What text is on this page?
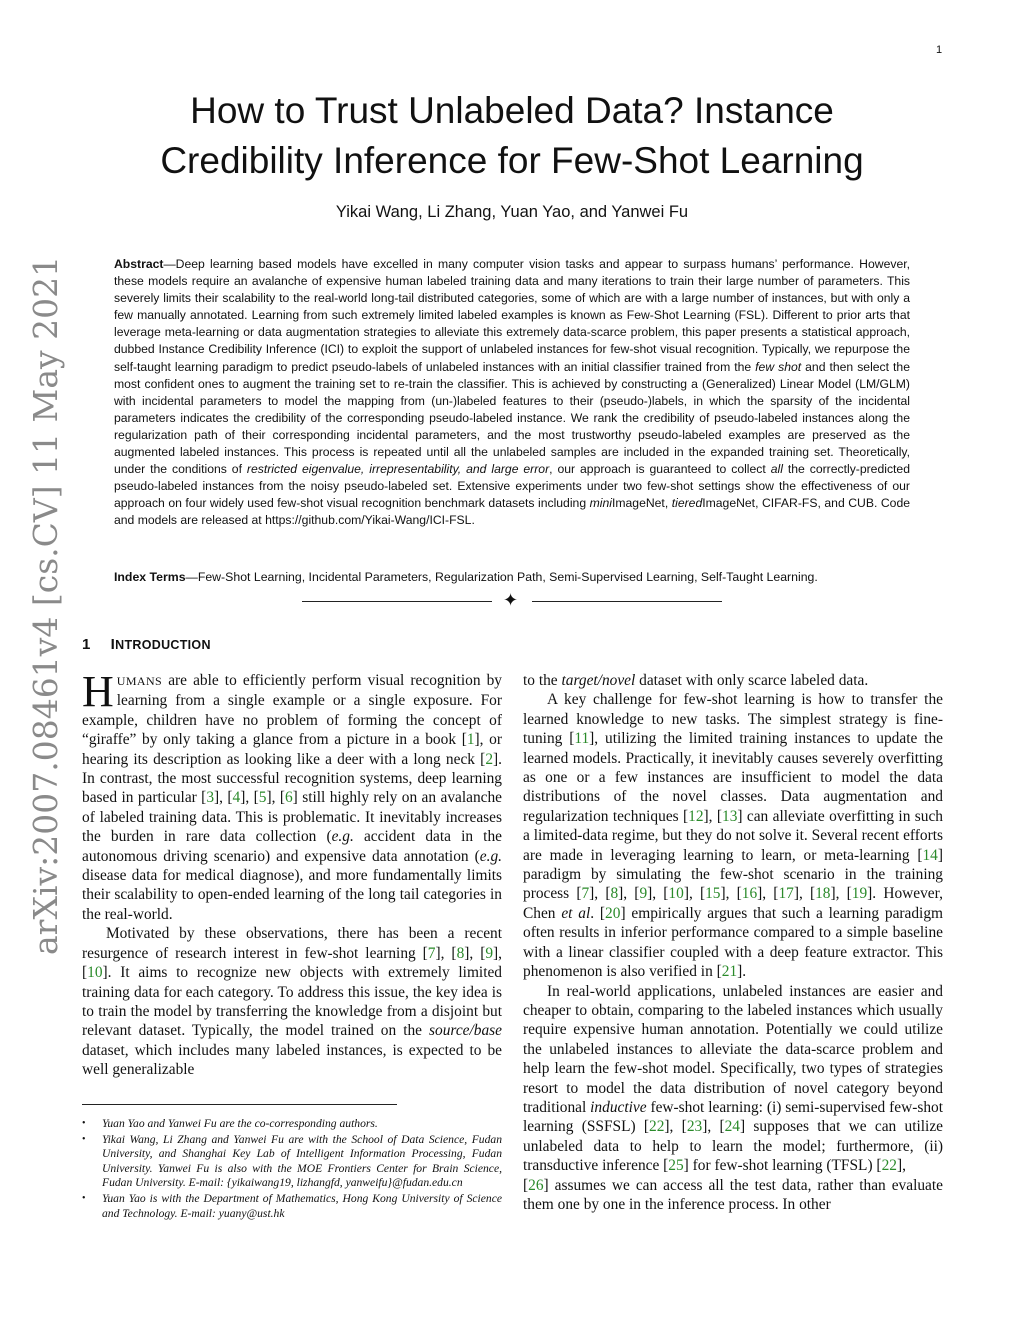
1
arXiv:2007.08461v4 [cs.CV] 11 May 2021
How to Trust Unlabeled Data? Instance
Credibility Inference for Few-Shot Learning
Yikai Wang, Li Zhang, Yuan Yao, and Yanwei Fu

Abstract—Deep learning based models have excelled in many computer vision tasks and appear to surpass humans’ performance. However, these models require an avalanche of expensive human labeled training data and many iterations to train their large number of parameters. This severely limits their scalability to the real-world long-tail distributed categories, some of which are with a large number of instances, but with only a few manually annotated. Learning from such extremely limited labeled examples is known as Few-Shot Learning (FSL). Different to prior arts that leverage meta-learning or data augmentation strategies to alleviate this extremely data-scarce problem, this paper presents a statistical approach, dubbed Instance Credibility Inference (ICI) to exploit the support of unlabeled instances for few-shot visual recognition. Typically, we repurpose the self-taught learning paradigm to predict pseudo-labels of unlabeled instances with an initial classifier trained from the few shot and then select the most confident ones to augment the training set to re-train the classifier. This is achieved by constructing a (Generalized) Linear Model (LM/GLM) with incidental parameters to model the mapping from (un-)labeled features to their (pseudo-)labels, in which the sparsity of the incidental parameters indicates the credibility of the corresponding pseudo-labeled instance. We rank the credibility of pseudo-labeled instances along the regularization path of their corresponding incidental parameters, and the most trustworthy pseudo-labeled examples are preserved as the augmented labeled instances. This process is repeated until all the unlabeled samples are included in the expanded training set. Theoretically, under the conditions of restricted eigenvalue, irrepresentability, and large error, our approach is guaranteed to collect all the correctly-predicted pseudo-labeled instances from the noisy pseudo-labeled set. Extensive experiments under two few-shot settings show the effectiveness of our approach on four widely used few-shot visual recognition benchmark datasets including miniImageNet, tieredImageNet, CIFAR-FS, and CUB. Code and models are released at https://github.com/Yikai-Wang/ICI-FSL.

Index Terms—Few-Shot Learning, Incidental Parameters, Regularization Path, Semi-Supervised Learning, Self-Taught Learning.

✦
1 INTRODUCTION

HUMANS are able to efficiently perform visual recognition by learning from a single example or a single exposure. For example, children have no problem of forming the concept of “giraffe” by only taking a glance from a picture in a book [1], or hearing its description as looking like a deer with a long neck [2]. In contrast, the most successful recognition systems, deep learning based in particular [3], [4], [5], [6] still highly rely on an avalanche of labeled training data. This is problematic. It inevitably increases the burden in rare data collection (e.g. accident data in the autonomous driving scenario) and expensive data annotation (e.g. disease data for medical diagnose), and more fundamentally limits their scalability to open-ended learning of the long tail categories in the real-world.

Motivated by these observations, there has been a recent resurgence of research interest in few-shot learning [7], [8], [9], [10]. It aims to recognize new objects with extremely limited training data for each category. To address this issue, the key idea is to train the model by transferring the knowledge from a disjoint but relevant dataset. Typically, the model trained on the source/base dataset, which includes many labeled instances, is expected to be well generalizable

• Yuan Yao and Yanwei Fu are the co-corresponding authors.
• Yikai Wang, Li Zhang and Yanwei Fu are with the School of Data Science, Fudan University, and Shanghai Key Lab of Intelligent Information Processing, Fudan University. Yanwei Fu is also with the MOE Frontiers Center for Brain Science, Fudan University. E-mail: {yikaiwang19, lizhangfd, yanweifu}@fudan.edu.cn
• Yuan Yao is with the Department of Mathematics, Hong Kong University of Science and Technology. E-mail: yuany@ust.hk

to the target/novel dataset with only scarce labeled data.

A key challenge for few-shot learning is how to transfer the learned knowledge to new tasks. The simplest strategy is fine-tuning [11], utilizing the limited training instances to update the learned models. Practically, it inevitably causes severely overfitting as one or a few instances are insufficient to model the data distributions of the novel classes. Data augmentation and regularization techniques [12], [13] can alleviate overfitting in such a limited-data regime, but they do not solve it. Several recent efforts are made in leveraging learning to learn, or meta-learning [14] paradigm by simulating the few-shot scenario in the training process [7], [8], [9], [10], [15], [16], [17], [18], [19]. However, Chen et al. [20] empirically argues that such a learning paradigm often results in inferior performance compared to a simple baseline with a linear classifier coupled with a deep feature extractor. This phenomenon is also verified in [21].

In real-world applications, unlabeled instances are easier and cheaper to obtain, comparing to the labeled instances which usually require expensive human annotation. Potentially we could utilize the unlabeled instances to alleviate the data-scarce problem and help learn the few-shot model. Specifically, two types of strategies resort to model the data distribution of novel category beyond traditional inductive few-shot learning: (i) semi-supervised few-shot learning (SSFSL) [22], [23], [24] supposes that we can utilize unlabeled data to help to learn the model; furthermore, (ii) transductive inference [25] for few-shot learning (TFSL) [22],
[26] assumes we can access all the test data, rather than evaluate them one by one in the inference process. In other
